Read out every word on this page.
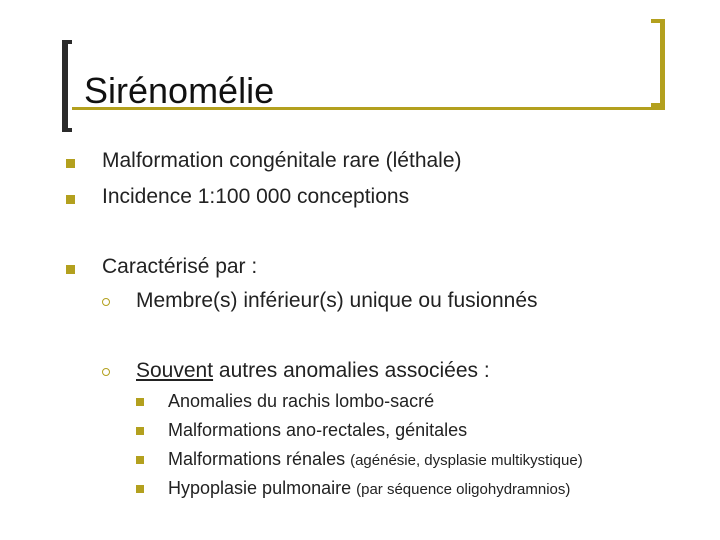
Sirénomélie
Malformation congénitale rare (léthale)
Incidence 1:100 000 conceptions
Caractérisé par :
Membre(s) inférieur(s) unique ou fusionnés
Souvent autres anomalies associées :
Anomalies du rachis lombo-sacré
Malformations ano-rectales, génitales
Malformations rénales (agénésie, dysplasie multikystique)
Hypoplasie pulmonaire (par séquence oligohydramnios)
